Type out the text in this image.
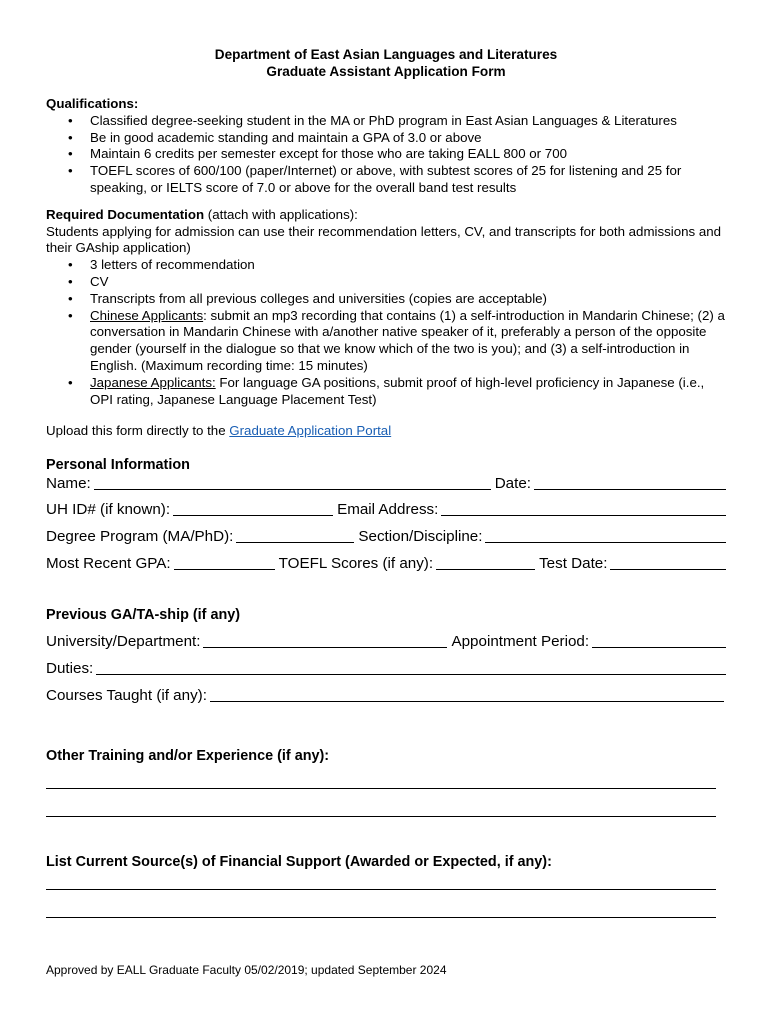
Department of East Asian Languages and Literatures
Graduate Assistant Application Form
Qualifications:
• Classified degree-seeking student in the MA or PhD program in East Asian Languages & Literatures
• Be in good academic standing and maintain a GPA of 3.0 or above
• Maintain 6 credits per semester except for those who are taking EALL 800 or 700
• TOEFL scores of 600/100 (paper/Internet) or above, with subtest scores of 25 for listening and 25 for speaking, or IELTS score of 7.0 or above for the overall band test results
Required Documentation (attach with applications):
Students applying for admission can use their recommendation letters, CV, and transcripts for both admissions and their GAship application)
• 3 letters of recommendation
• CV
• Transcripts from all previous colleges and universities (copies are acceptable)
• Chinese Applicants: submit an mp3 recording that contains (1) a self-introduction in Mandarin Chinese; (2) a conversation in Mandarin Chinese with a/another native speaker of it, preferably a person of the opposite gender (yourself in the dialogue so that we know which of the two is you); and (3) a self-introduction in English. (Maximum recording time: 15 minutes)
• Japanese Applicants: For language GA positions, submit proof of high-level proficiency in Japanese (i.e., OPI rating, Japanese Language Placement Test)
Upload this form directly to the Graduate Application Portal
Personal Information
Name:	Date:
UH ID# (if known):	Email Address:
Degree Program (MA/PhD):	Section/Discipline:
Most Recent GPA:	TOEFL Scores (if any):	Test Date:
Previous GA/TA-ship (if any)
University/Department:	Appointment Period:
Duties:
Courses Taught (if any):
Other Training and/or Experience (if any):
List Current Source(s) of Financial Support (Awarded or Expected, if any):
Approved by EALL Graduate Faculty 05/02/2019; updated September 2024
